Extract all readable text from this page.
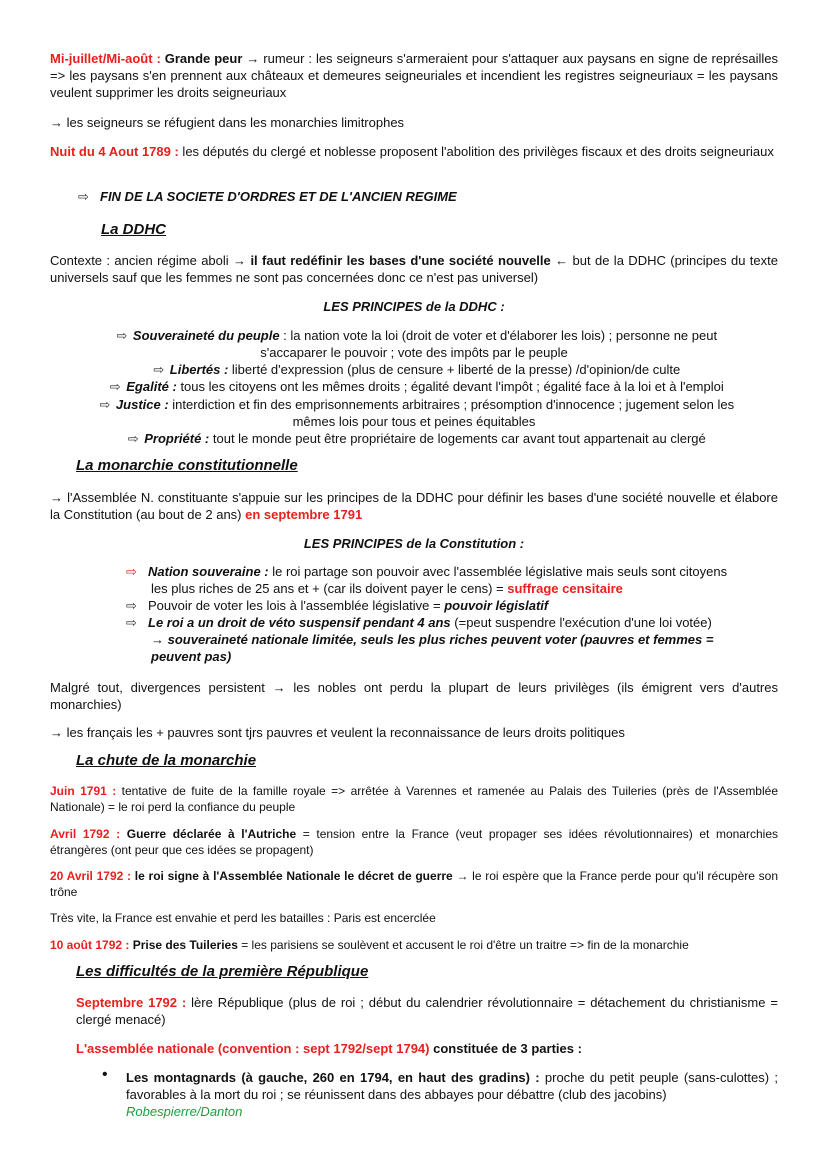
Mi-juillet/Mi-août : Grande peur → rumeur : les seigneurs s'armeraient pour s'attaquer aux paysans en signe de représailles => les paysans s'en prennent aux châteaux et demeures seigneuriales et incendient les registres seigneuriaux = les paysans veulent supprimer les droits seigneuriaux

→ les seigneurs se réfugient dans les monarchies limitrophes

Nuit du 4 Aout 1789 : les députés du clergé et noblesse proposent l'abolition des privilèges fiscaux et des droits seigneuriaux

⇨ FIN DE LA SOCIETE D'ORDRES ET DE L'ANCIEN REGIME

La DDHC

Contexte : ancien régime aboli → il faut redéfinir les bases d'une société nouvelle ← but de la DDHC (principes du texte universels sauf que les femmes ne sont pas concernées donc ce n'est pas universel)

LES PRINCIPES de la DDHC :
⇨ Souveraineté du peuple : la nation vote la loi (droit de voter et d'élaborer les lois) ; personne ne peut
s'accaparer le pouvoir ; vote des impôts par le peuple
⇨ Libertés : liberté d'expression (plus de censure + liberté de la presse) /d'opinion/de culte
⇨ Egalité : tous les citoyens ont les mêmes droits ; égalité devant l'impôt ; égalité face à la loi et à l'emploi
⇨ Justice : interdiction et fin des emprisonnements arbitraires ; présomption d'innocence ; jugement selon les
mêmes lois pour tous et peines équitables
⇨ Propriété : tout le monde peut être propriétaire de logements car avant tout appartenait au clergé
La monarchie constitutionnelle

→ l'Assemblée N. constituante s'appuie sur les principes de la DDHC pour définir les bases d'une société nouvelle et élabore la Constitution (au bout de 2 ans) en septembre 1791

LES PRINCIPES de la Constitution :
⇨ Nation souveraine : le roi partage son pouvoir avec l'assemblée législative mais seuls sont citoyens
les plus riches de 25 ans et + (car ils doivent payer le cens) = suffrage censitaire
⇨ Pouvoir de voter les lois à l'assemblée législative = pouvoir législatif
⇨ Le roi a un droit de véto suspensif pendant 4 ans (=peut suspendre l'exécution d'une loi votée)
→ souveraineté nationale limitée, seuls les plus riches peuvent voter (pauvres et femmes = peuvent pas)

Malgré tout, divergences persistent → les nobles ont perdu la plupart de leurs privilèges (ils émigrent vers d'autres monarchies)

→ les français les + pauvres sont tjrs pauvres et veulent la reconnaissance de leurs droits politiques

La chute de la monarchie

Juin 1791 : tentative de fuite de la famille royale => arrêtée à Varennes et ramenée au Palais des Tuileries (près de l'Assemblée Nationale) = le roi perd la confiance du peuple

Avril 1792 : Guerre déclarée à l'Autriche = tension entre la France (veut propager ses idées révolutionnaires) et monarchies étrangères (ont peur que ces idées se propagent)

20 Avril 1792 : le roi signe à l'Assemblée Nationale le décret de guerre → le roi espère que la France perde pour qu'il récupère son trône

Très vite, la France est envahie et perd les batailles : Paris est encerclée

10 août 1792 : Prise des Tuileries = les parisiens se soulèvent et accusent le roi d'être un traitre => fin de la monarchie

Les difficultés de la première République

Septembre 1792 : lère République (plus de roi ; début du calendrier révolutionnaire = détachement du christianisme = clergé menacé)

L'assemblée nationale (convention : sept 1792/sept 1794) constituée de 3 parties :

• Les montagnards (à gauche, 260 en 1794, en haut des gradins) : proche du petit peuple (sans-culottes) ; favorables à la mort du roi ; se réunissent dans des abbayes pour débattre (club des jacobins)
Robespierre/Danton
